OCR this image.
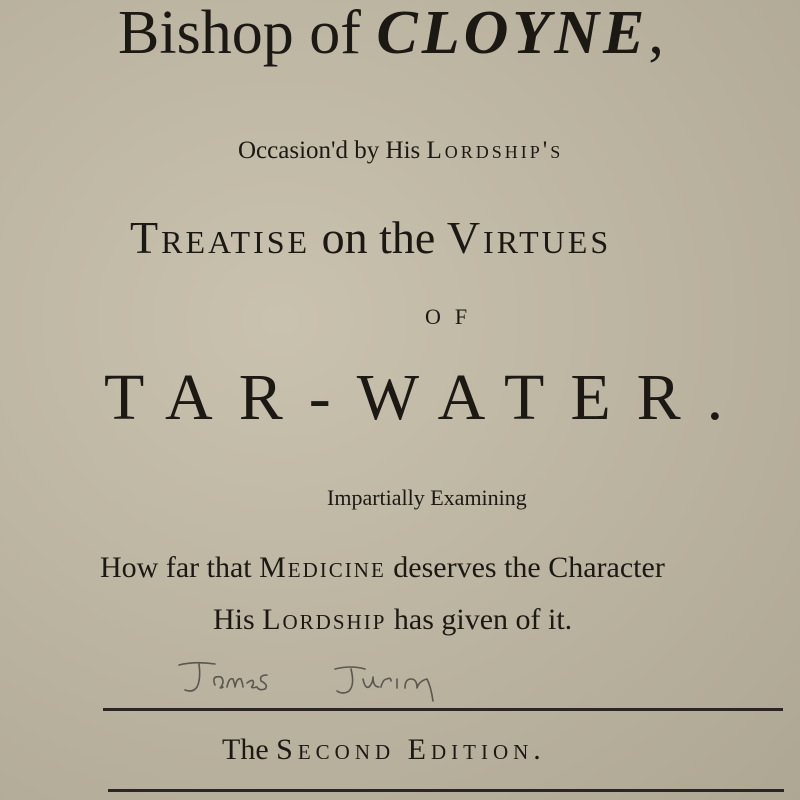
Bishop of CLOYNE,
Occasion'd by His Lordship's
Treatise on the Virtues
OF
TAR-WATER.
Impartially Examining
How far that Medicine deserves the Character
His Lordship has given of it.
The Second Edition.
